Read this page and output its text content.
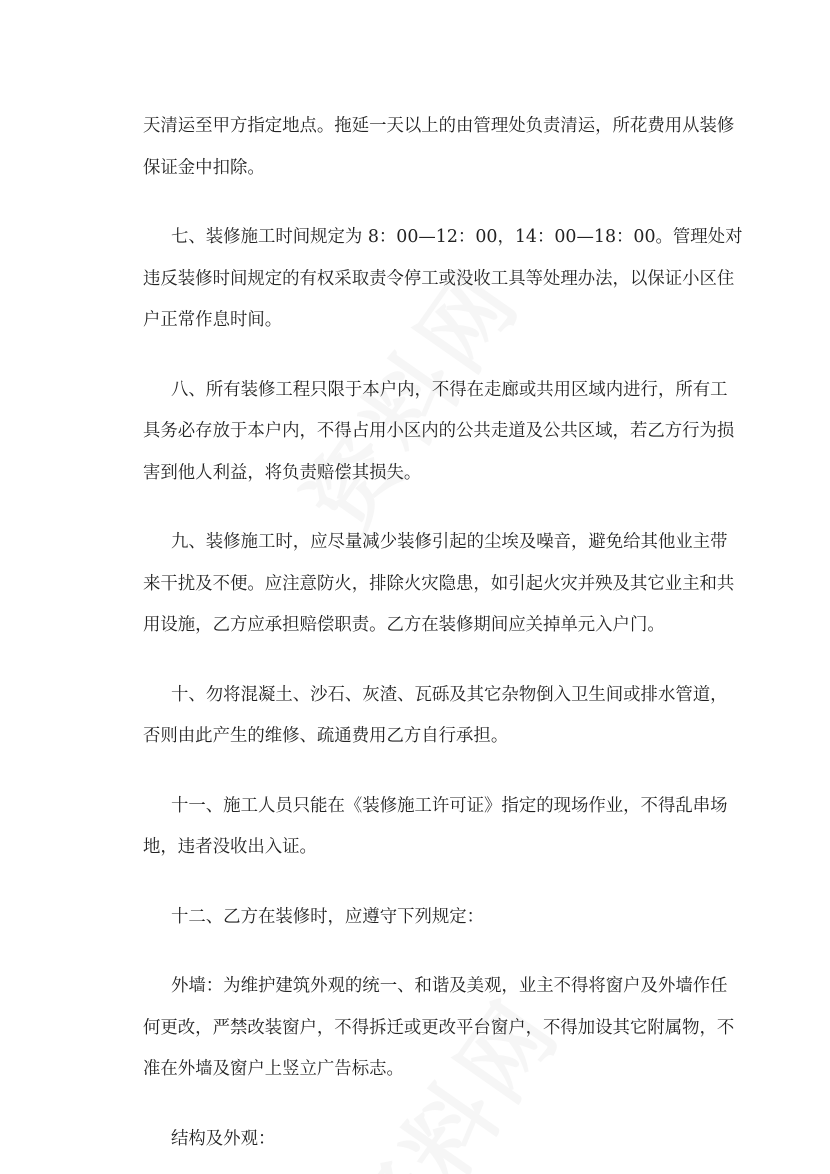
天清运至甲方指定地点。拖延一天以上的由管理处负责清运，所花费用从装修
保证金中扣除。

七、装修施工时间规定为 8：00—12：00，14：00—18：00。管理处对
违反装修时间规定的有权采取责令停工或没收工具等处理办法，以保证小区住
户正常作息时间。

八、所有装修工程只限于本户内，不得在走廊或共用区域内进行，所有工
具务必存放于本户内，不得占用小区内的公共走道及公共区域，若乙方行为损
害到他人利益，将负责赔偿其损失。

九、装修施工时，应尽量减少装修引起的尘埃及噪音，避免给其他业主带
来干扰及不便。应注意防火，排除火灾隐患，如引起火灾并殃及其它业主和共
用设施，乙方应承担赔偿职责。乙方在装修期间应关掉单元入户门。

十、勿将混凝土、沙石、灰渣、瓦砾及其它杂物倒入卫生间或排水管道，
否则由此产生的维修、疏通费用乙方自行承担。

十一、施工人员只能在《装修施工许可证》指定的现场作业，不得乱串场
地，违者没收出入证。

十二、乙方在装修时，应遵守下列规定：

外墙：为维护建筑外观的统一、和谐及美观，业主不得将窗户及外墙作任
何更改，严禁改装窗户，不得拆迁或更改平台窗户，不得加设其它附属物，不
准在外墙及窗户上竖立广告标志。

结构及外观：
